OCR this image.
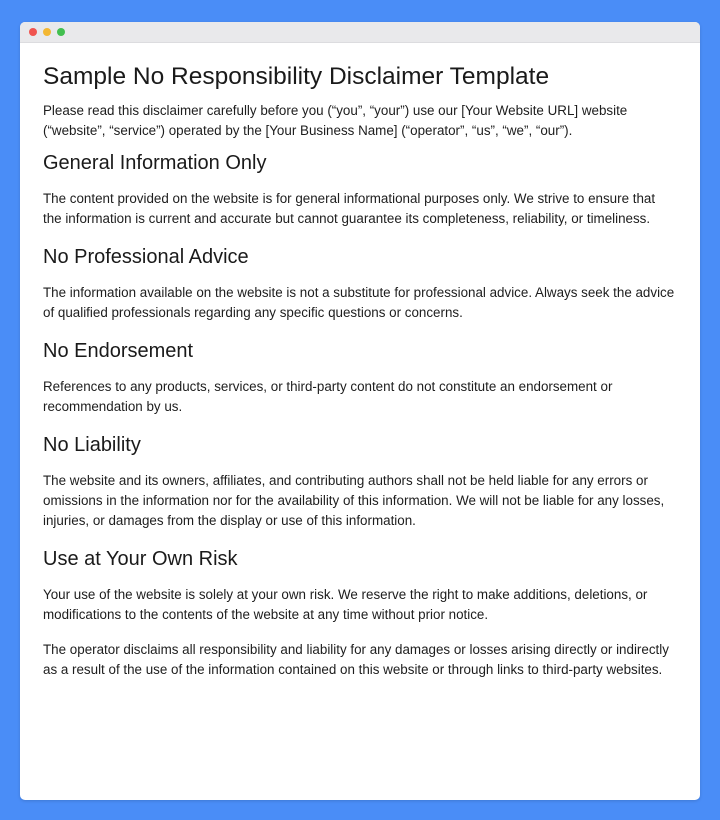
Sample No Responsibility Disclaimer Template

Please read this disclaimer carefully before you (“you”, “your”) use our [Your Website URL] website (“website”, “service”) operated by the [Your Business Name] (“operator”, “us”, “we”, “our”).

General Information Only

The content provided on the website is for general informational purposes only. We strive to ensure that the information is current and accurate but cannot guarantee its completeness, reliability, or timeliness.

No Professional Advice

The information available on the website is not a substitute for professional advice. Always seek the advice of qualified professionals regarding any specific questions or concerns.

No Endorsement

References to any products, services, or third-party content do not constitute an endorsement or recommendation by us.

No Liability

The website and its owners, affiliates, and contributing authors shall not be held liable for any errors or omissions in the information nor for the availability of this information. We will not be liable for any losses, injuries, or damages from the display or use of this information.

Use at Your Own Risk

Your use of the website is solely at your own risk. We reserve the right to make additions, deletions, or modifications to the contents of the website at any time without prior notice.

The operator disclaims all responsibility and liability for any damages or losses arising directly or indirectly as a result of the use of the information contained on this website or through links to third-party websites.
